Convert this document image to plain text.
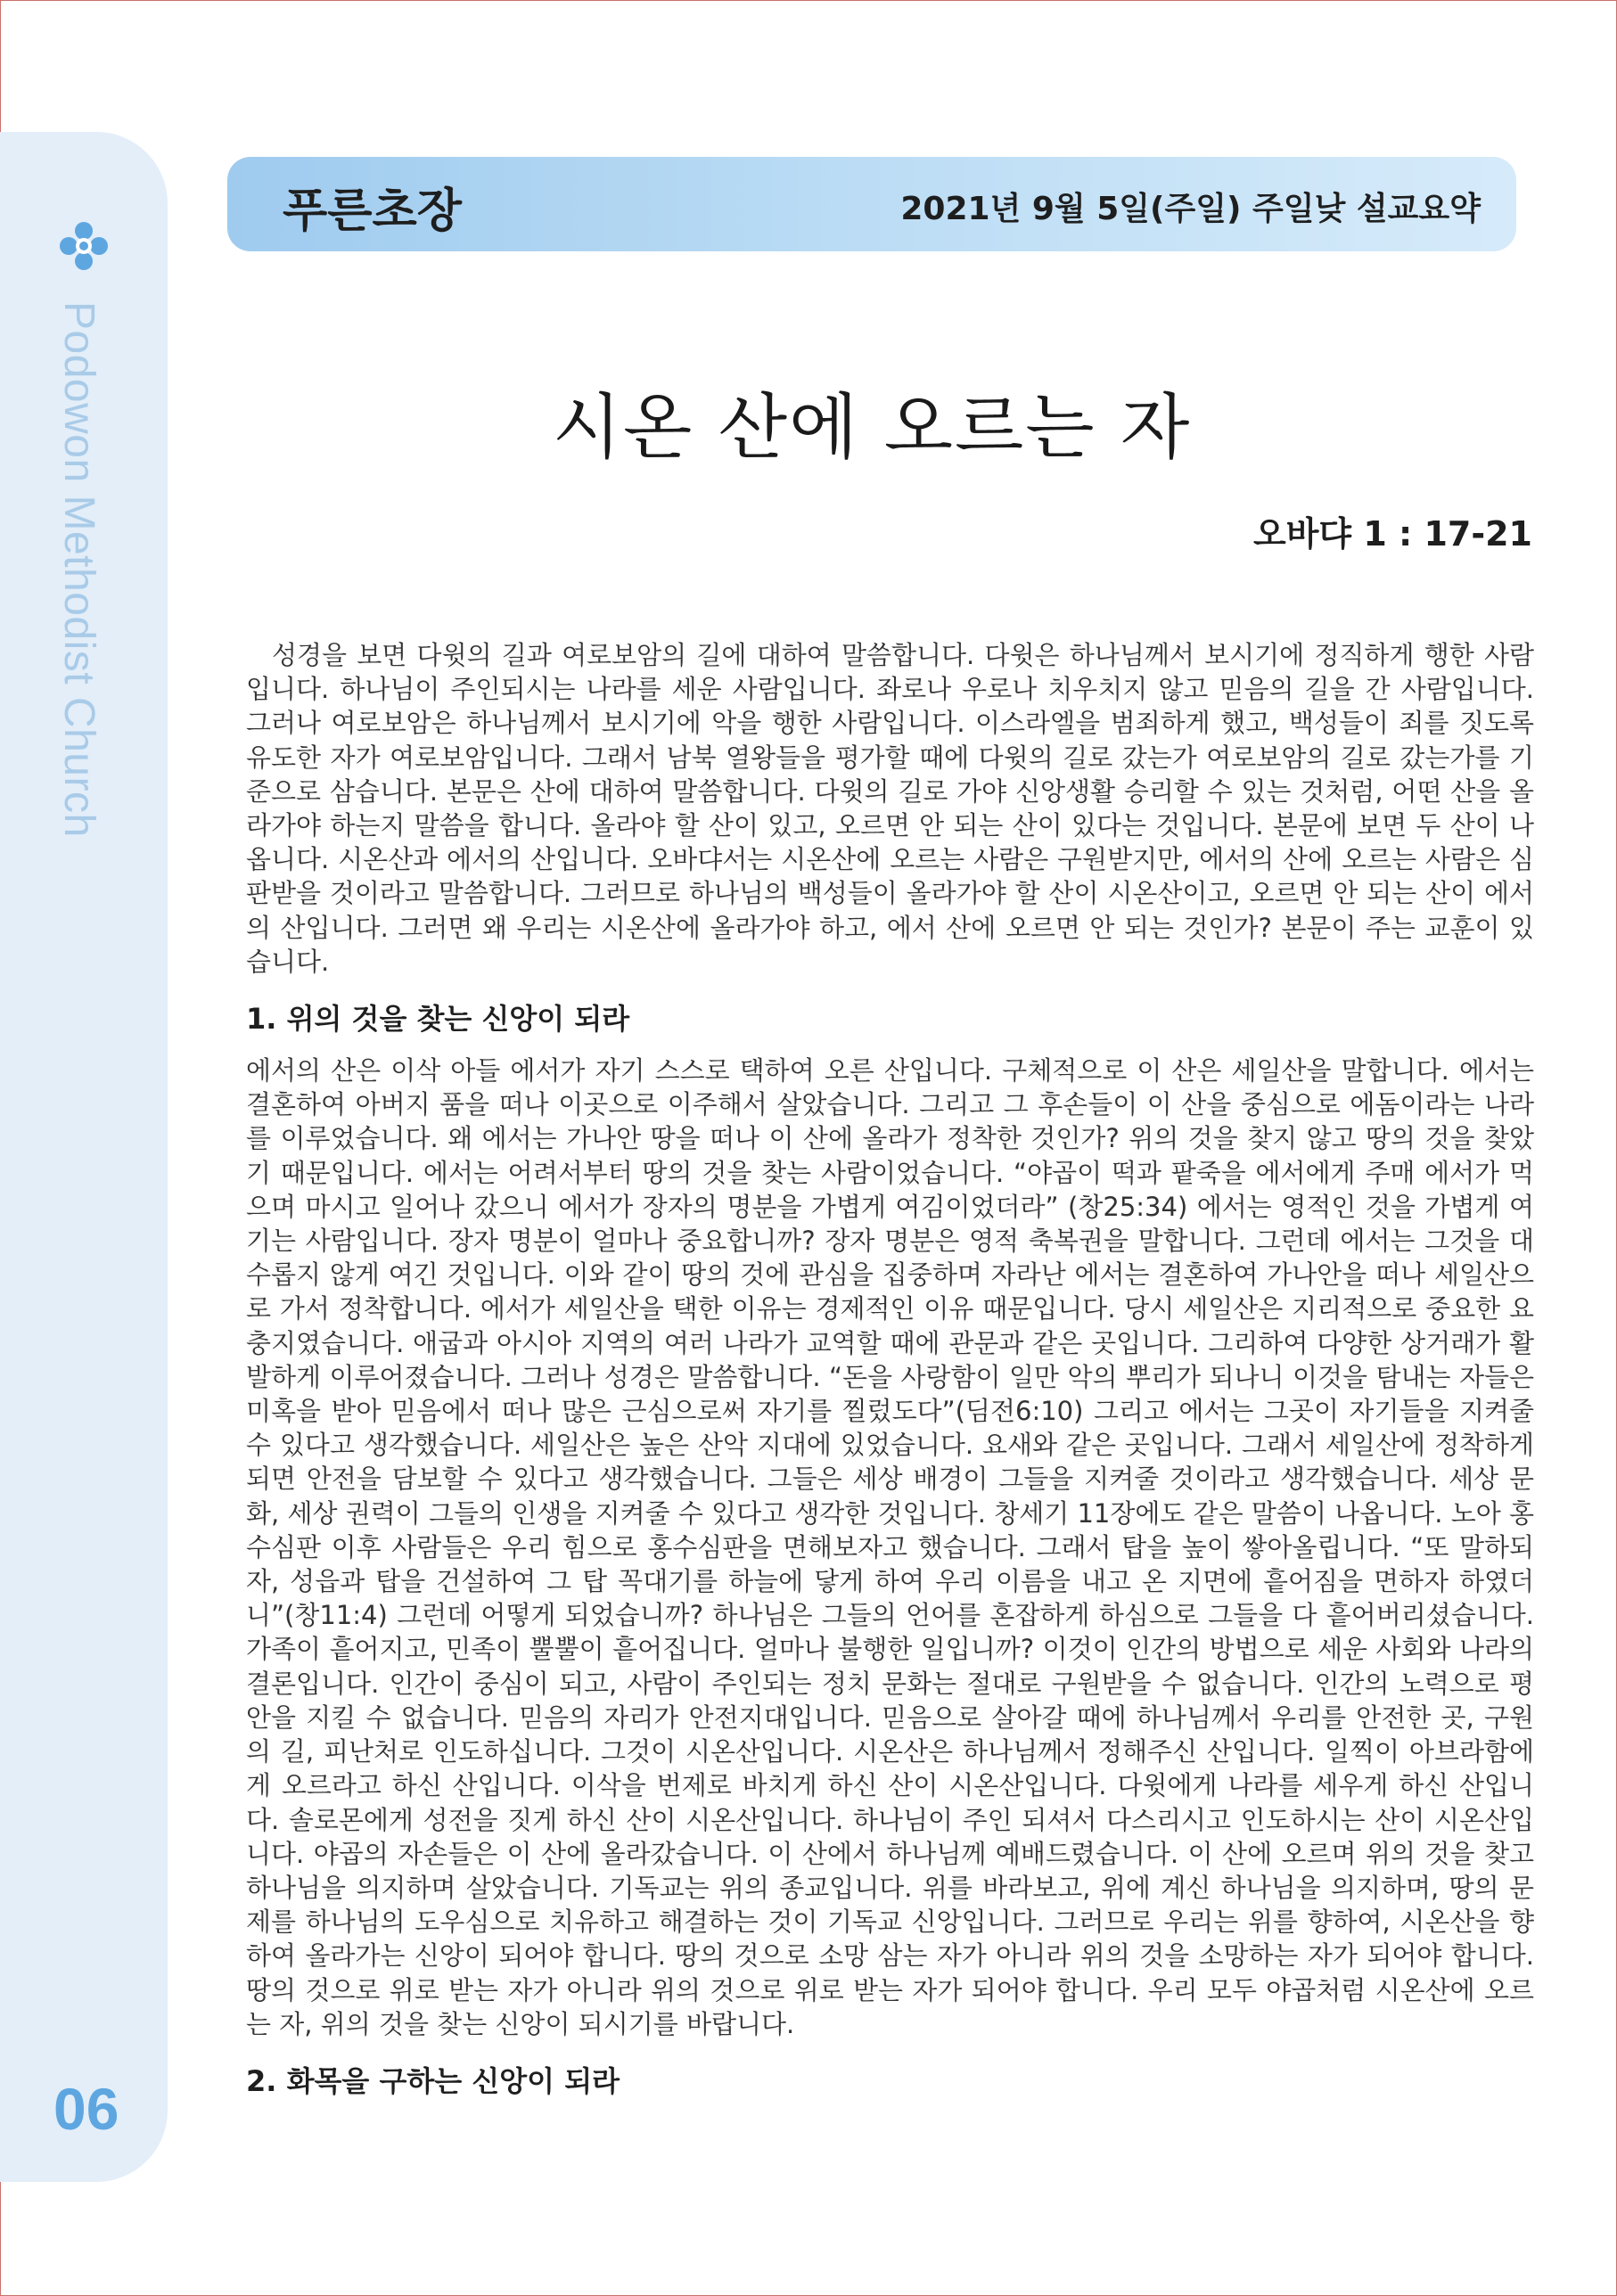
Podowon Methodist Church
06
푸른초장	2021년 9월 5일(주일) 주일낮 설교요약
시온 산에 오르는 자
오바댜 1 : 17-21

성경을 보면 다윗의 길과 여로보암의 길에 대하여 말씀합니다. 다윗은 하나님께서 보시기에 정직하게 행한 사람입니다. 하나님이 주인되시는 나라를 세운 사람입니다. 좌로나 우로나 치우치지 않고 믿음의 길을 간 사람입니다. 그러나 여로보암은 하나님께서 보시기에 악을 행한 사람입니다. 이스라엘을 범죄하게 했고, 백성들이 죄를 짓도록 유도한 자가 여로보암입니다. 그래서 남북 열왕들을 평가할 때에 다윗의 길로 갔는가 여로보암의 길로 갔는가를 기준으로 삼습니다. 본문은 산에 대하여 말씀합니다. 다윗의 길로 가야 신앙생활 승리할 수 있는 것처럼, 어떤 산을 올라가야 하는지 말씀을 합니다. 올라야 할 산이 있고, 오르면 안 되는 산이 있다는 것입니다. 본문에 보면 두 산이 나옵니다. 시온산과 에서의 산입니다. 오바댜서는 시온산에 오르는 사람은 구원받지만, 에서의 산에 오르는 사람은 심판받을 것이라고 말씀합니다. 그러므로 하나님의 백성들이 올라가야 할 산이 시온산이고, 오르면 안 되는 산이 에서의 산입니다. 그러면 왜 우리는 시온산에 올라가야 하고, 에서 산에 오르면 안 되는 것인가? 본문이 주는 교훈이 있습니다.

1. 위의 것을 찾는 신앙이 되라

에서의 산은 이삭 아들 에서가 자기 스스로 택하여 오른 산입니다. 구체적으로 이 산은 세일산을 말합니다. 에서는 결혼하여 아버지 품을 떠나 이곳으로 이주해서 살았습니다. 그리고 그 후손들이 이 산을 중심으로 에돔이라는 나라를 이루었습니다. 왜 에서는 가나안 땅을 떠나 이 산에 올라가 정착한 것인가? 위의 것을 찾지 않고 땅의 것을 찾았기 때문입니다. 에서는 어려서부터 땅의 것을 찾는 사람이었습니다. “야곱이 떡과 팥죽을 에서에게 주매 에서가 먹으며 마시고 일어나 갔으니 에서가 장자의 명분을 가볍게 여김이었더라” (창25:34) 에서는 영적인 것을 가볍게 여기는 사람입니다. 장자 명분이 얼마나 중요합니까? 장자 명분은 영적 축복권을 말합니다. 그런데 에서는 그것을 대수롭지 않게 여긴 것입니다. 이와 같이 땅의 것에 관심을 집중하며 자라난 에서는 결혼하여 가나안을 떠나 세일산으로 가서 정착합니다. 에서가 세일산을 택한 이유는 경제적인 이유 때문입니다. 당시 세일산은 지리적으로 중요한 요충지였습니다. 애굽과 아시아 지역의 여러 나라가 교역할 때에 관문과 같은 곳입니다. 그리하여 다양한 상거래가 활발하게 이루어졌습니다. 그러나 성경은 말씀합니다. “돈을 사랑함이 일만 악의 뿌리가 되나니 이것을 탐내는 자들은 미혹을 받아 믿음에서 떠나 많은 근심으로써 자기를 찔렀도다”(딤전6:10) 그리고 에서는 그곳이 자기들을 지켜줄 수 있다고 생각했습니다. 세일산은 높은 산악 지대에 있었습니다. 요새와 같은 곳입니다. 그래서 세일산에 정착하게 되면 안전을 담보할 수 있다고 생각했습니다. 그들은 세상 배경이 그들을 지켜줄 것이라고 생각했습니다. 세상 문화, 세상 권력이 그들의 인생을 지켜줄 수 있다고 생각한 것입니다. 창세기 11장에도 같은 말씀이 나옵니다. 노아 홍수심판 이후 사람들은 우리 힘으로 홍수심판을 면해보자고 했습니다. 그래서 탑을 높이 쌓아올립니다. “또 말하되 자, 성읍과 탑을 건설하여 그 탑 꼭대기를 하늘에 닿게 하여 우리 이름을 내고 온 지면에 흩어짐을 면하자 하였더니”(창11:4) 그런데 어떻게 되었습니까? 하나님은 그들의 언어를 혼잡하게 하심으로 그들을 다 흩어버리셨습니다. 가족이 흩어지고, 민족이 뿔뿔이 흩어집니다. 얼마나 불행한 일입니까? 이것이 인간의 방법으로 세운 사회와 나라의 결론입니다. 인간이 중심이 되고, 사람이 주인되는 정치 문화는 절대로 구원받을 수 없습니다. 인간의 노력으로 평안을 지킬 수 없습니다. 믿음의 자리가 안전지대입니다. 믿음으로 살아갈 때에 하나님께서 우리를 안전한 곳, 구원의 길, 피난처로 인도하십니다. 그것이 시온산입니다. 시온산은 하나님께서 정해주신 산입니다. 일찍이 아브라함에게 오르라고 하신 산입니다. 이삭을 번제로 바치게 하신 산이 시온산입니다. 다윗에게 나라를 세우게 하신 산입니다. 솔로몬에게 성전을 짓게 하신 산이 시온산입니다. 하나님이 주인 되셔서 다스리시고 인도하시는 산이 시온산입니다. 야곱의 자손들은 이 산에 올라갔습니다. 이 산에서 하나님께 예배드렸습니다. 이 산에 오르며 위의 것을 찾고 하나님을 의지하며 살았습니다. 기독교는 위의 종교입니다. 위를 바라보고, 위에 계신 하나님을 의지하며, 땅의 문제를 하나님의 도우심으로 치유하고 해결하는 것이 기독교 신앙입니다. 그러므로 우리는 위를 향하여, 시온산을 향하여 올라가는 신앙이 되어야 합니다. 땅의 것으로 소망 삼는 자가 아니라 위의 것을 소망하는 자가 되어야 합니다. 땅의 것으로 위로 받는 자가 아니라 위의 것으로 위로 받는 자가 되어야 합니다. 우리 모두 야곱처럼 시온산에 오르는 자, 위의 것을 찾는 신앙이 되시기를 바랍니다.

2. 화목을 구하는 신앙이 되라
